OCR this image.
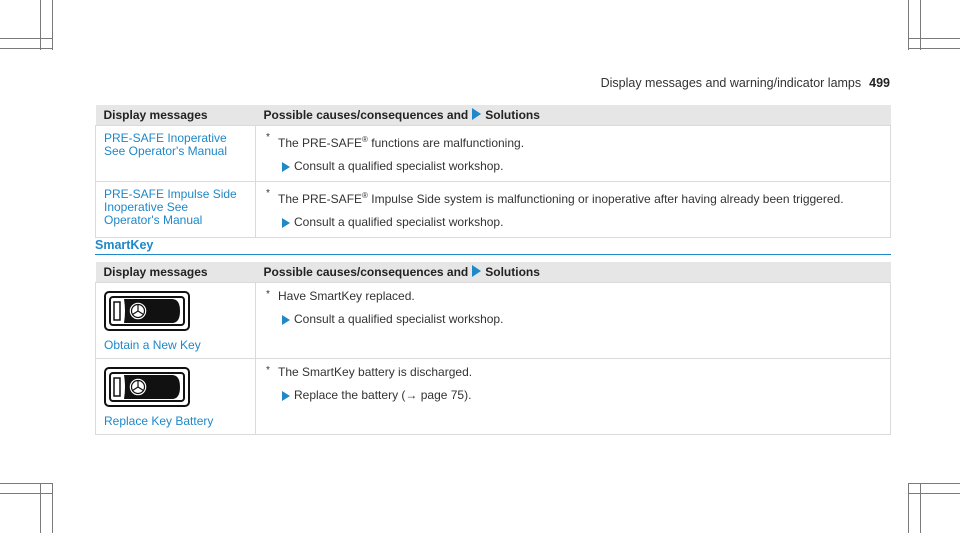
Display messages and warning/indicator lamps 499
Display messages	Possible causes/consequences and Solutions

PRE-SAFE Inoperative See Operator's Manual	* The PRE-SAFE® functions are malfunctioning.
Consult a qualified specialist workshop.

PRE-SAFE Impulse Side Inoperative See Operator's Manual	* The PRE-SAFE® Impulse Side system is malfunctioning or inoperative after having already been triggered.
Consult a qualified specialist workshop.
SmartKey
Display messages	Possible causes/consequences and Solutions

Obtain a New Key	* Have SmartKey replaced.
Consult a qualified specialist workshop.

Replace Key Battery	* The SmartKey battery is discharged.
Replace the battery (→ page 75).
